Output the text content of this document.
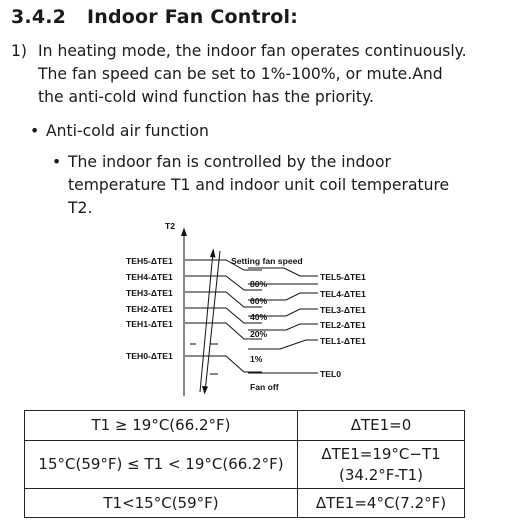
3.4.2 Indoor Fan Control:
1) In heating mode, the indoor fan operates continuously.
The fan speed can be set to 1%-100%, or mute.And
the anti-cold wind function has the priority.
• Anti-cold air function
• The indoor fan is controlled by the indoor
temperature T1 and indoor unit coil temperature
T2.
T2
TEH5-ΔTE1
TEH4-ΔTE1
TEH3-ΔTE1
TEH2-ΔTE1
TEH1-ΔTE1
TEH0-ΔTE1
Setting fan speed
80%
60%
40%
20%
1%
Fan off
TEL5-ΔTE1
TEL4-ΔTE1
TEL3-ΔTE1
TEL2-ΔTE1
TEL1-ΔTE1
TEL0
T1 ≥ 19°C(66.2°F)	ΔTE1=0
15°C(59°F) ≤ T1 < 19°C(66.2°F)	ΔTE1=19°C−T1
(34.2°F-T1)

T1<15°C(59°F)	ΔTE1=4°C(7.2°F)
